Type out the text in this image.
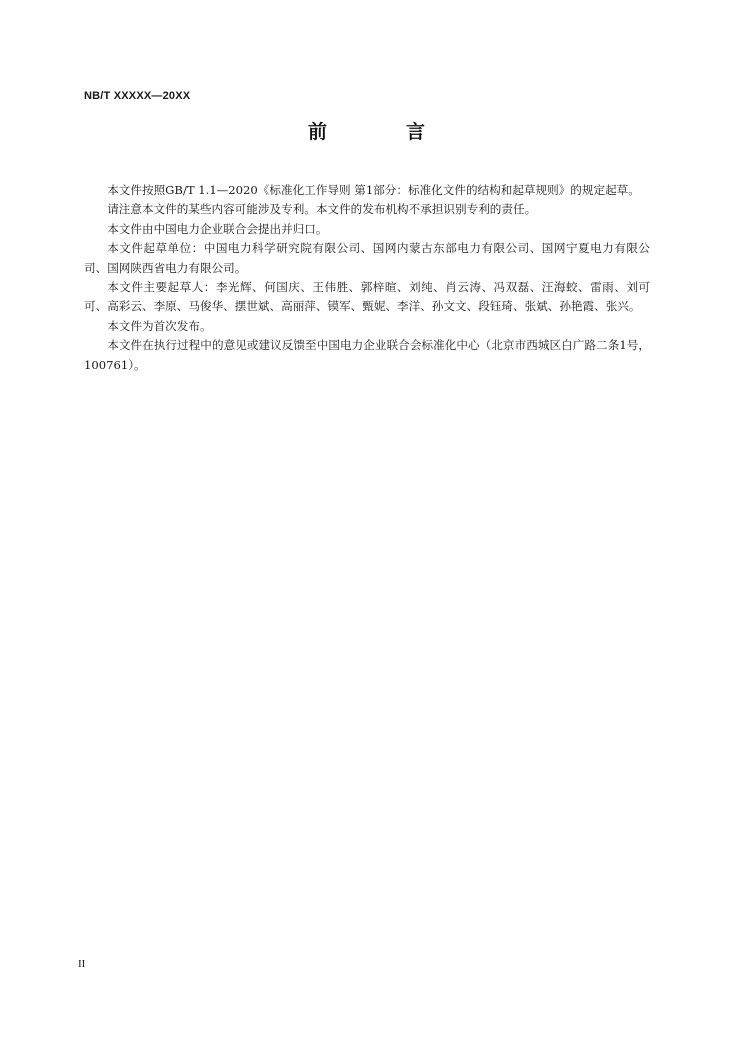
NB/T XXXXX—20XX
前　言

本文件按照GB/T 1.1—2020《标准化工作导则 第1部分：标准化文件的结构和起草规则》的规定起草。

请注意本文件的某些内容可能涉及专利。本文件的发布机构不承担识别专利的责任。

本文件由中国电力企业联合会提出并归口。

本文件起草单位：中国电力科学研究院有限公司、国网内蒙古东部电力有限公司、国网宁夏电力有限公司、国网陕西省电力有限公司。

本文件主要起草人：李光辉、何国庆、王伟胜、郭梓暄、刘纯、肖云涛、冯双磊、汪海蛟、雷雨、刘可可、高彩云、李原、马俊华、摆世斌、高丽萍、镆军、甄妮、李洋、孙文文、段钰琦、张斌、孙艳霞、张兴。

本文件为首次发布。

本文件在执行过程中的意见或建议反馈至中国电力企业联合会标准化中心（北京市西城区白广路二条1号，100761）。

II
